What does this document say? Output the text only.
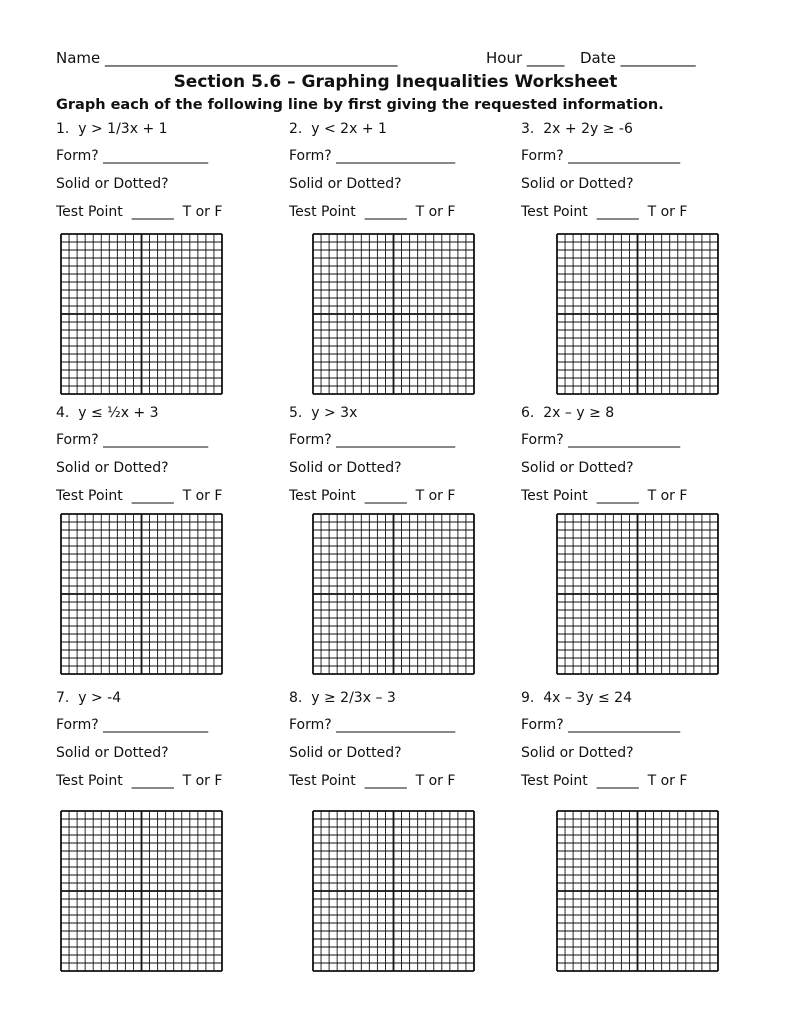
Name _______________________________________	Hour _____ Date __________
Section 5.6 – Graphing Inequalities Worksheet
Graph each of the following line by first giving the requested information.
1. y > 1/3x + 1
Form? _______________
Solid or Dotted?
Test Point ______ T or F
2. y < 2x + 1
Form? _________________
Solid or Dotted?
Test Point ______ T or F
3. 2x + 2y ≥ -6
Form? ________________
Solid or Dotted?
Test Point ______ T or F
4. y ≤ ½x + 3
Form? _______________
Solid or Dotted?
Test Point ______ T or F
5. y > 3x
Form? _________________
Solid or Dotted?
Test Point ______ T or F
6. 2x – y ≥ 8
Form? ________________
Solid or Dotted?
Test Point ______ T or F
7. y > -4
Form? _______________
Solid or Dotted?
Test Point ______ T or F
8. y ≥ 2/3x – 3
Form? _________________
Solid or Dotted?
Test Point ______ T or F
9. 4x – 3y ≤ 24
Form? ________________
Solid or Dotted?
Test Point ______ T or F
